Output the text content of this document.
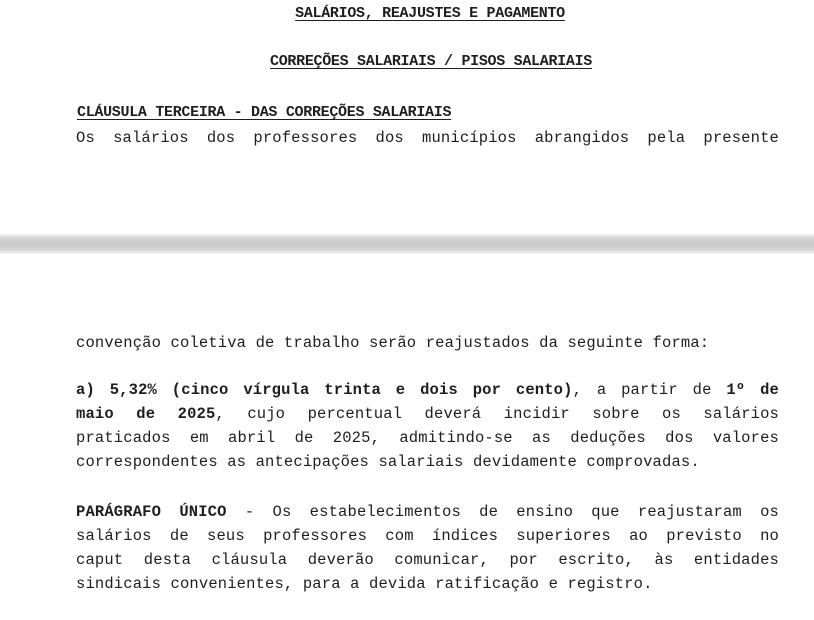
SALÁRIOS, REAJUSTES E PAGAMENTO
CORREÇÕES SALARIAIS / PISOS SALARIAIS
CLÁUSULA TERCEIRA - DAS CORREÇÕES SALARIAIS
Os salários dos professores dos municípios abrangidos pela presente
convenção coletiva de trabalho serão reajustados da seguinte forma:
a) 5,32% (cinco vírgula trinta e dois por cento), a partir de 1º de
maio de 2025, cujo percentual deverá incidir sobre os salários
praticados em abril de 2025, admitindo-se as deduções dos valores
correspondentes as antecipações salariais devidamente comprovadas.
PARÁGRAFO ÚNICO - Os estabelecimentos de ensino que reajustaram os
salários de seus professores com índices superiores ao previsto no
caput desta cláusula deverão comunicar, por escrito, às entidades
sindicais convenientes, para a devida ratificação e registro.
